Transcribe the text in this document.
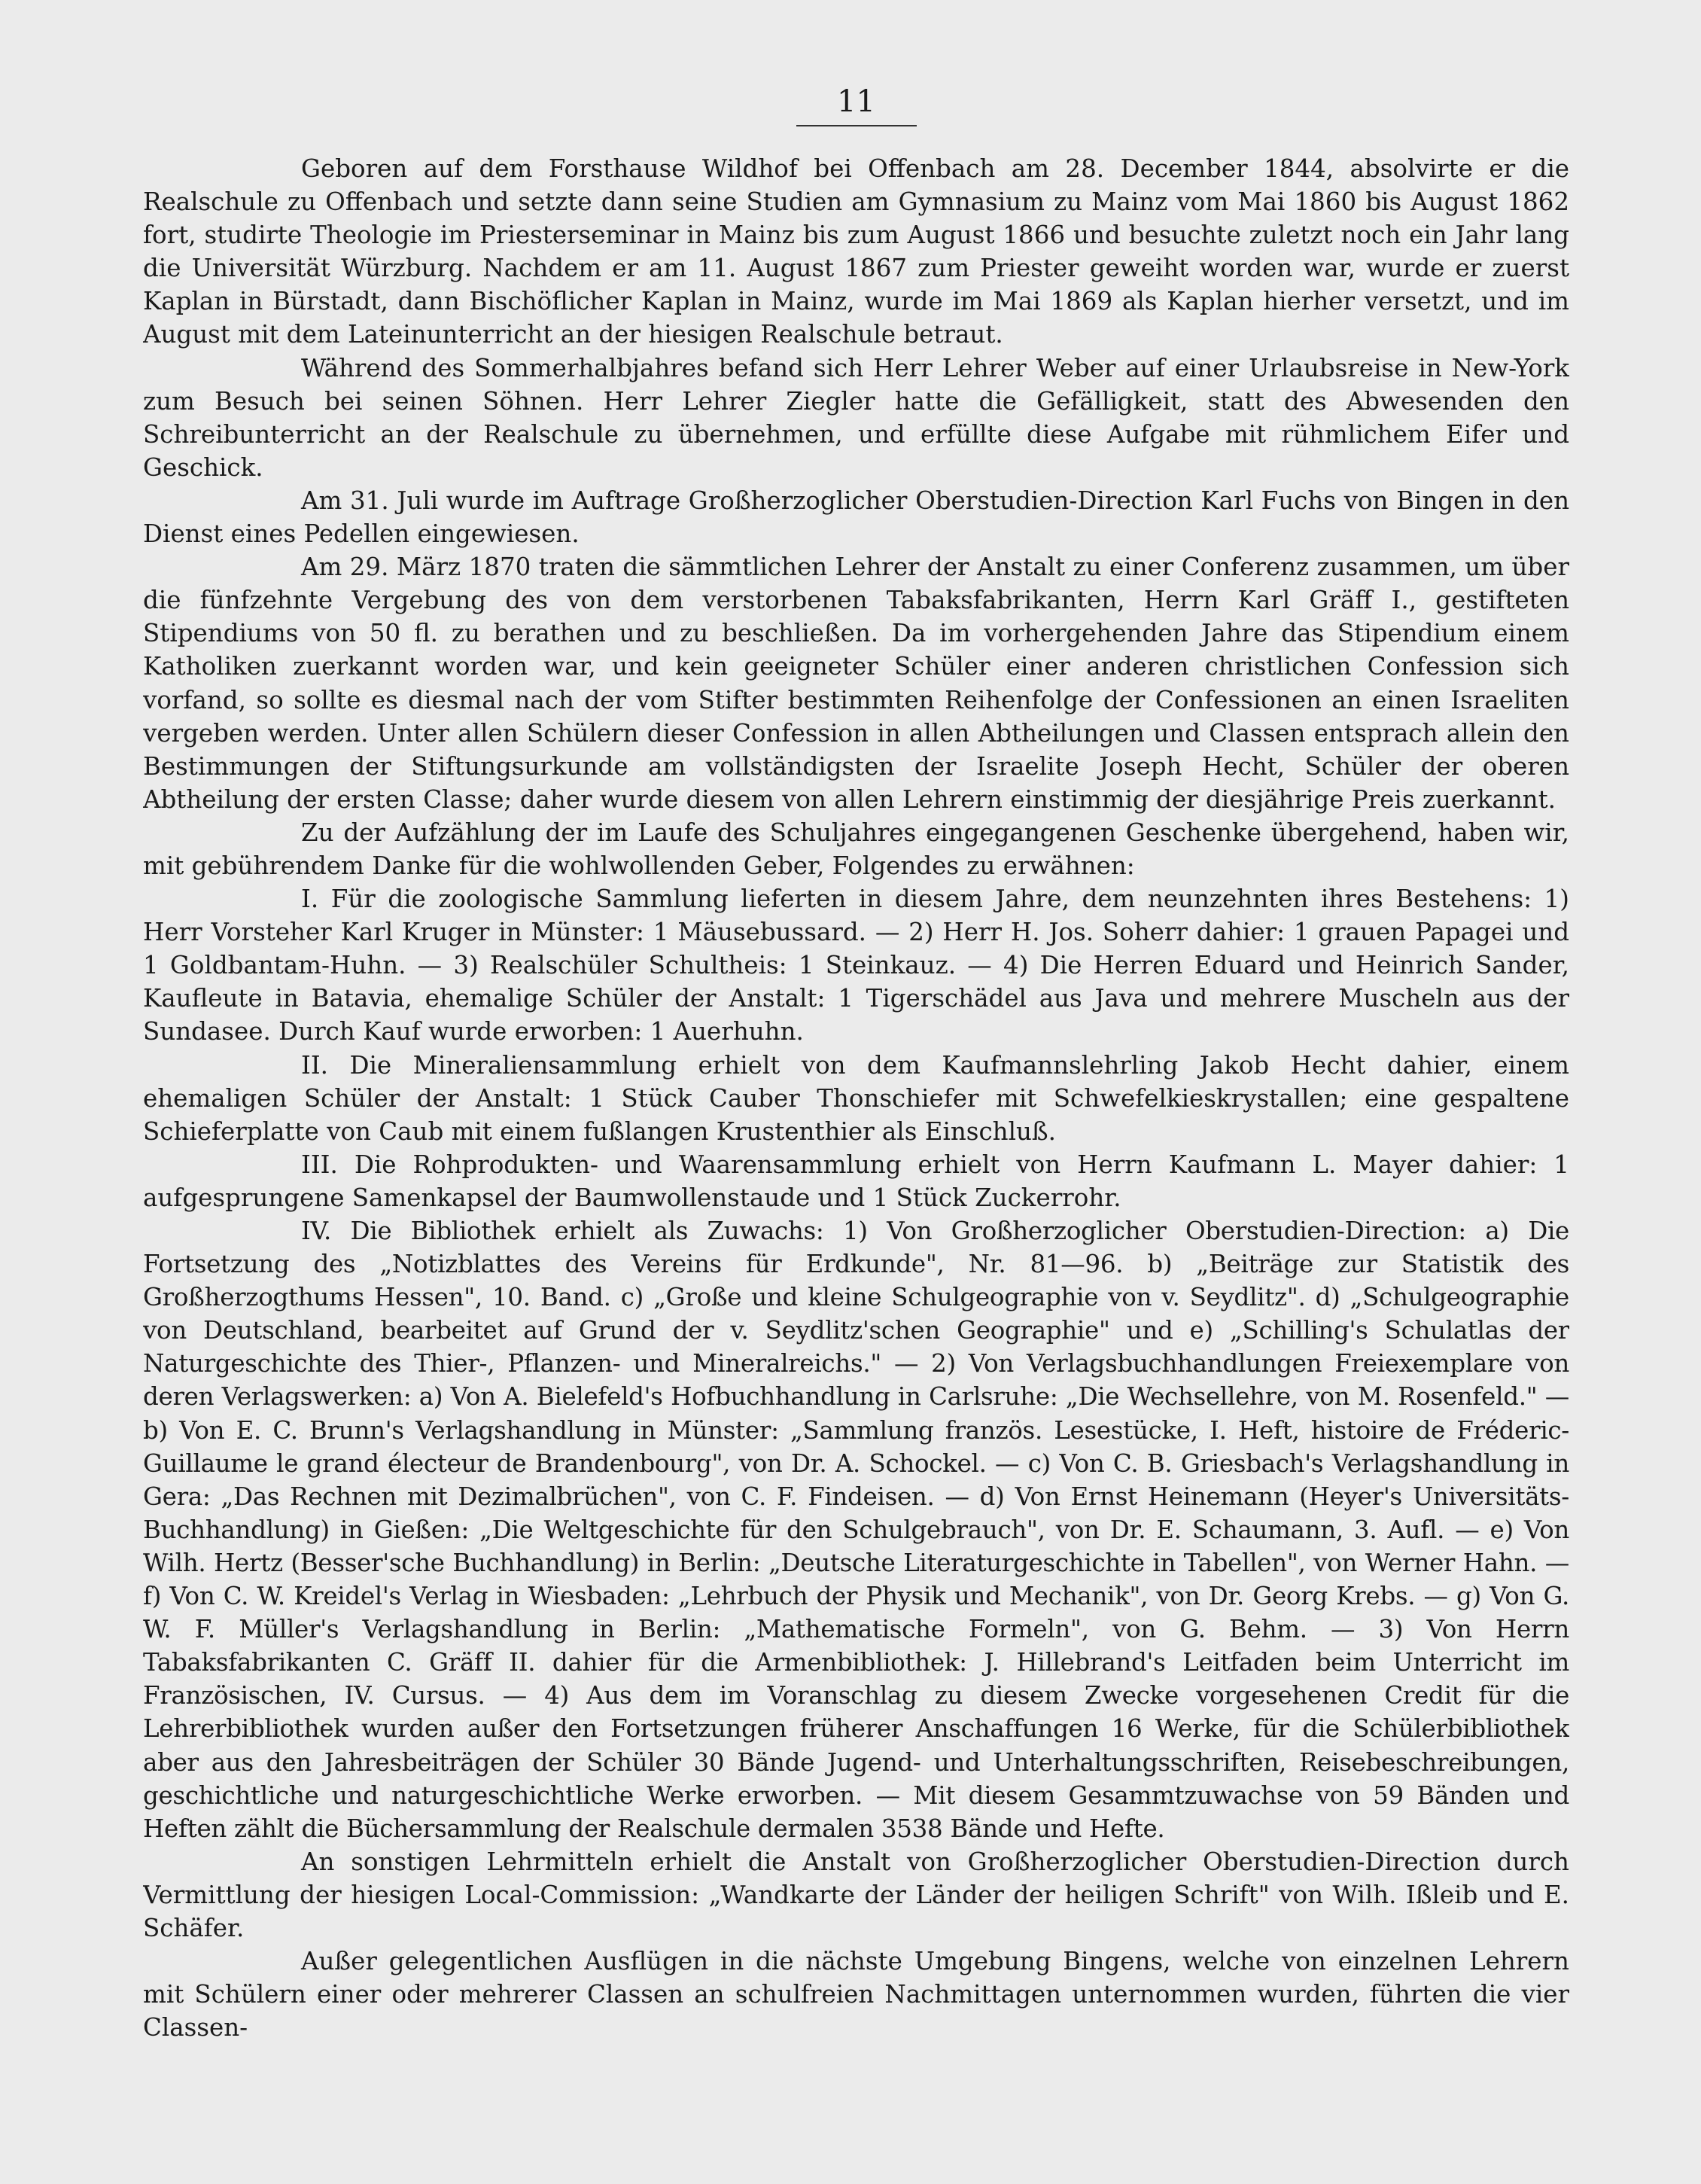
11

Geboren auf dem Forsthause Wildhof bei Offenbach am 28. December 1844, absolvirte er die Realschule zu Offenbach und setzte dann seine Studien am Gymnasium zu Mainz vom Mai 1860 bis August 1862 fort, studirte Theologie im Priesterseminar in Mainz bis zum August 1866 und besuchte zuletzt noch ein Jahr lang die Universität Würzburg. Nachdem er am 11. August 1867 zum Priester geweiht worden war, wurde er zuerst Kaplan in Bürstadt, dann Bischöflicher Kaplan in Mainz, wurde im Mai 1869 als Kaplan hierher versetzt, und im August mit dem Lateinunterricht an der hiesigen Realschule betraut.

Während des Sommerhalbjahres befand sich Herr Lehrer Weber auf einer Urlaubsreise in New-York zum Besuch bei seinen Söhnen. Herr Lehrer Ziegler hatte die Gefälligkeit, statt des Abwesenden den Schreibunterricht an der Realschule zu übernehmen, und erfüllte diese Aufgabe mit rühmlichem Eifer und Geschick.

Am 31. Juli wurde im Auftrage Großherzoglicher Oberstudien-Direction Karl Fuchs von Bingen in den Dienst eines Pedellen eingewiesen.

Am 29. März 1870 traten die sämmtlichen Lehrer der Anstalt zu einer Conferenz zusammen, um über die fünfzehnte Vergebung des von dem verstorbenen Tabaksfabrikanten, Herrn Karl Gräff I., gestifteten Stipendiums von 50 fl. zu berathen und zu beschließen. Da im vorhergehenden Jahre das Stipendium einem Katholiken zuerkannt worden war, und kein geeigneter Schüler einer anderen christlichen Confession sich vorfand, so sollte es diesmal nach der vom Stifter bestimmten Reihenfolge der Confessionen an einen Israeliten vergeben werden. Unter allen Schülern dieser Confession in allen Abtheilungen und Classen entsprach allein den Bestimmungen der Stiftungsurkunde am vollständigsten der Israelite Joseph Hecht, Schüler der oberen Abtheilung der ersten Classe; daher wurde diesem von allen Lehrern einstimmig der diesjährige Preis zuerkannt.

Zu der Aufzählung der im Laufe des Schuljahres eingegangenen Geschenke übergehend, haben wir, mit gebührendem Danke für die wohlwollenden Geber, Folgendes zu erwähnen:

I. Für die zoologische Sammlung lieferten in diesem Jahre, dem neunzehnten ihres Bestehens: 1) Herr Vorsteher Karl Kruger in Münster: 1 Mäusebussard. — 2) Herr H. Jos. Soherr dahier: 1 grauen Papagei und 1 Goldbantam-Huhn. — 3) Realschüler Schultheis: 1 Steinkauz. — 4) Die Herren Eduard und Heinrich Sander, Kaufleute in Batavia, ehemalige Schüler der Anstalt: 1 Tigerschädel aus Java und mehrere Muscheln aus der Sundasee. Durch Kauf wurde erworben: 1 Auerhuhn.

II. Die Mineraliensammlung erhielt von dem Kaufmannslehrling Jakob Hecht dahier, einem ehemaligen Schüler der Anstalt: 1 Stück Cauber Thonschiefer mit Schwefelkieskrystallen; eine gespaltene Schieferplatte von Caub mit einem fußlangen Krustenthier als Einschluß.

III. Die Rohprodukten- und Waarensammlung erhielt von Herrn Kaufmann L. Mayer dahier: 1 aufgesprungene Samenkapsel der Baumwollenstaude und 1 Stück Zuckerrohr.

IV. Die Bibliothek erhielt als Zuwachs: 1) Von Großherzoglicher Oberstudien-Direction: a) Die Fortsetzung des „Notizblattes des Vereins für Erdkunde", Nr. 81—96. b) „Beiträge zur Statistik des Großherzogthums Hessen", 10. Band. c) „Große und kleine Schulgeographie von v. Seydlitz". d) „Schulgeographie von Deutschland, bearbeitet auf Grund der v. Seydlitz'schen Geographie" und e) „Schilling's Schulatlas der Naturgeschichte des Thier-, Pflanzen- und Mineralreichs." — 2) Von Verlagsbuchhandlungen Freiexemplare von deren Verlagswerken: a) Von A. Bielefeld's Hofbuchhandlung in Carlsruhe: „Die Wechsellehre, von M. Rosenfeld." — b) Von E. C. Brunn's Verlagshandlung in Münster: „Sammlung französ. Lesestücke, I. Heft, histoire de Fréderic-Guillaume le grand électeur de Brandenbourg", von Dr. A. Schockel. — c) Von C. B. Griesbach's Verlagshandlung in Gera: „Das Rechnen mit Dezimalbrüchen", von C. F. Findeisen. — d) Von Ernst Heinemann (Heyer's Universitäts-Buchhandlung) in Gießen: „Die Weltgeschichte für den Schulgebrauch", von Dr. E. Schaumann, 3. Aufl. — e) Von Wilh. Hertz (Besser'sche Buchhandlung) in Berlin: „Deutsche Literaturgeschichte in Tabellen", von Werner Hahn. — f) Von C. W. Kreidel's Verlag in Wiesbaden: „Lehrbuch der Physik und Mechanik", von Dr. Georg Krebs. — g) Von G. W. F. Müller's Verlagshandlung in Berlin: „Mathematische Formeln", von G. Behm. — 3) Von Herrn Tabaksfabrikanten C. Gräff II. dahier für die Armenbibliothek: J. Hillebrand's Leitfaden beim Unterricht im Französischen, IV. Cursus. — 4) Aus dem im Voranschlag zu diesem Zwecke vorgesehenen Credit für die Lehrerbibliothek wurden außer den Fortsetzungen früherer Anschaffungen 16 Werke, für die Schülerbibliothek aber aus den Jahresbeiträgen der Schüler 30 Bände Jugend- und Unterhaltungsschriften, Reisebeschreibungen, geschichtliche und naturgeschichtliche Werke erworben. — Mit diesem Gesammtzuwachse von 59 Bänden und Heften zählt die Büchersammlung der Realschule dermalen 3538 Bände und Hefte.

An sonstigen Lehrmitteln erhielt die Anstalt von Großherzoglicher Oberstudien-Direction durch Vermittlung der hiesigen Local-Commission: „Wandkarte der Länder der heiligen Schrift" von Wilh. Ißleib und E. Schäfer.

Außer gelegentlichen Ausflügen in die nächste Umgebung Bingens, welche von einzelnen Lehrern mit Schülern einer oder mehrerer Classen an schulfreien Nachmittagen unternommen wurden, führten die vier Classen-
